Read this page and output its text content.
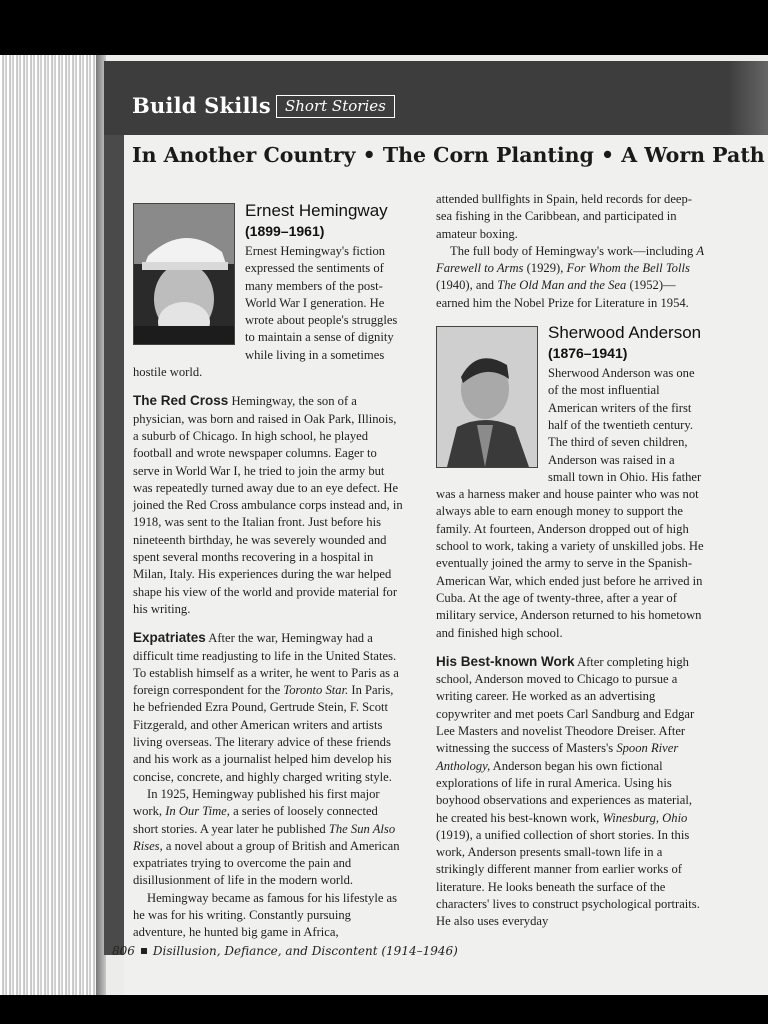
Build Skills Short Stories
In Another Country • The Corn Planting • A Worn Path
Ernest Hemingway
(1899–1961)

Ernest Hemingway's fiction expressed the sentiments of many members of the post-World War I generation. He wrote about people's struggles to maintain a sense of dignity while living in a sometimes hostile world.

The Red Cross Hemingway, the son of a physician, was born and raised in Oak Park, Illinois, a suburb of Chicago. In high school, he played football and wrote newspaper columns. Eager to serve in World War I, he tried to join the army but was repeatedly turned away due to an eye defect. He joined the Red Cross ambulance corps instead and, in 1918, was sent to the Italian front. Just before his nineteenth birthday, he was severely wounded and spent several months recovering in a hospital in Milan, Italy. His experiences during the war helped shape his view of the world and provide material for his writing.

Expatriates After the war, Hemingway had a difficult time readjusting to life in the United States. To establish himself as a writer, he went to Paris as a foreign correspondent for the Toronto Star. In Paris, he befriended Ezra Pound, Gertrude Stein, F. Scott Fitzgerald, and other American writers and artists living overseas. The literary advice of these friends and his work as a journalist helped him develop his concise, concrete, and highly charged writing style.

In 1925, Hemingway published his first major work, In Our Time, a series of loosely connected short stories. A year later he published The Sun Also Rises, a novel about a group of British and American expatriates trying to overcome the pain and disillusionment of life in the modern world.

Hemingway became as famous for his lifestyle as he was for his writing. Constantly pursuing adventure, he hunted big game in Africa,

attended bullfights in Spain, held records for deep-sea fishing in the Caribbean, and participated in amateur boxing.

The full body of Hemingway's work—including A Farewell to Arms (1929), For Whom the Bell Tolls (1940), and The Old Man and the Sea (1952)—earned him the Nobel Prize for Literature in 1954.

Sherwood Anderson
(1876–1941)

Sherwood Anderson was one of the most influential American writers of the first half of the twentieth century. The third of seven children, Anderson was raised in a small town in Ohio. His father was a harness maker and house painter who was not always able to earn enough money to support the family. At fourteen, Anderson dropped out of high school to work, taking a variety of unskilled jobs. He eventually joined the army to serve in the Spanish-American War, which ended just before he arrived in Cuba. At the age of twenty-three, after a year of military service, Anderson returned to his hometown and finished high school.

His Best-known Work After completing high school, Anderson moved to Chicago to pursue a writing career. He worked as an advertising copywriter and met poets Carl Sandburg and Edgar Lee Masters and novelist Theodore Dreiser. After witnessing the success of Masters's Spoon River Anthology, Anderson began his own fictional explorations of life in rural America. Using his boyhood observations and experiences as material, he created his best-known work, Winesburg, Ohio (1919), a unified collection of short stories. In this work, Anderson presents small-town life in a strikingly different manner from earlier works of literature. He looks beneath the surface of the characters' lives to construct psychological portraits. He also uses everyday

806 Disillusion, Defiance, and Discontent (1914–1946)
